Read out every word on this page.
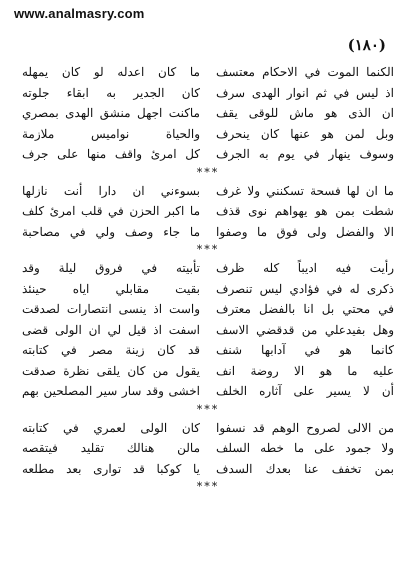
www.analmasry.com
(١٨٠)
ما كان اعدله لو كان يمهله الكنما الموت في الاحكام معتسف
كان الجدير به ابقاء جلوته اذ ليس في ثم انوار الهدى سرف
ماكنت اجهل منشق الهدى بمصري ان الذى هو ماش للوقى يقف
والحياة نواميس ملازمة وبل لمن هو عنها كان ينحرف
كل امرئ واقف منها على جرف وسوف ينهار في يوم به الجرف
***
بسوءني ان دارا أنت نازلها ما ان لها فسحة تسكنني ولا غرف
ما اكبر الحزن في قلب امرئ كلف شطت بمن هو يهواهم نوى قذف
ما جاء وصف ولي في مصاحبة الا والفضل ولى فوق ما وصفوا
***
تأبيته في فروق ليلة وقد رأيت فيه اديباً كله ظرف
بقيت مقابلي اياه حينئذ ذكرى له في فؤادي ليس تنصرف
واست اذ ينسى انتصارات لصدقت في محتي بل انا بالفضل معترف
اسفت اذ قيل لي ان الولى قضى وهل بفيدعلي من قدقضي الاسف
قد كان زينة مصر في كتابته كانما هو في آدابها شنف
يقول من كان يلقى نظرة صدقت عليه ما هو الا روضة انف
اخشى وقد سار سير المصلحين بهم أن لا يسير على آثاره الخلف
***
كان الولى لعمري في كتابته من الالى لصروح الوهم قد نسفوا
مالن هنالك تقليد فيتقصه ولا جمود على ما خطه السلف
يا كوكبا قد توارى بعد مطلعه بمن تخفف عنا بعدك السدف
***
